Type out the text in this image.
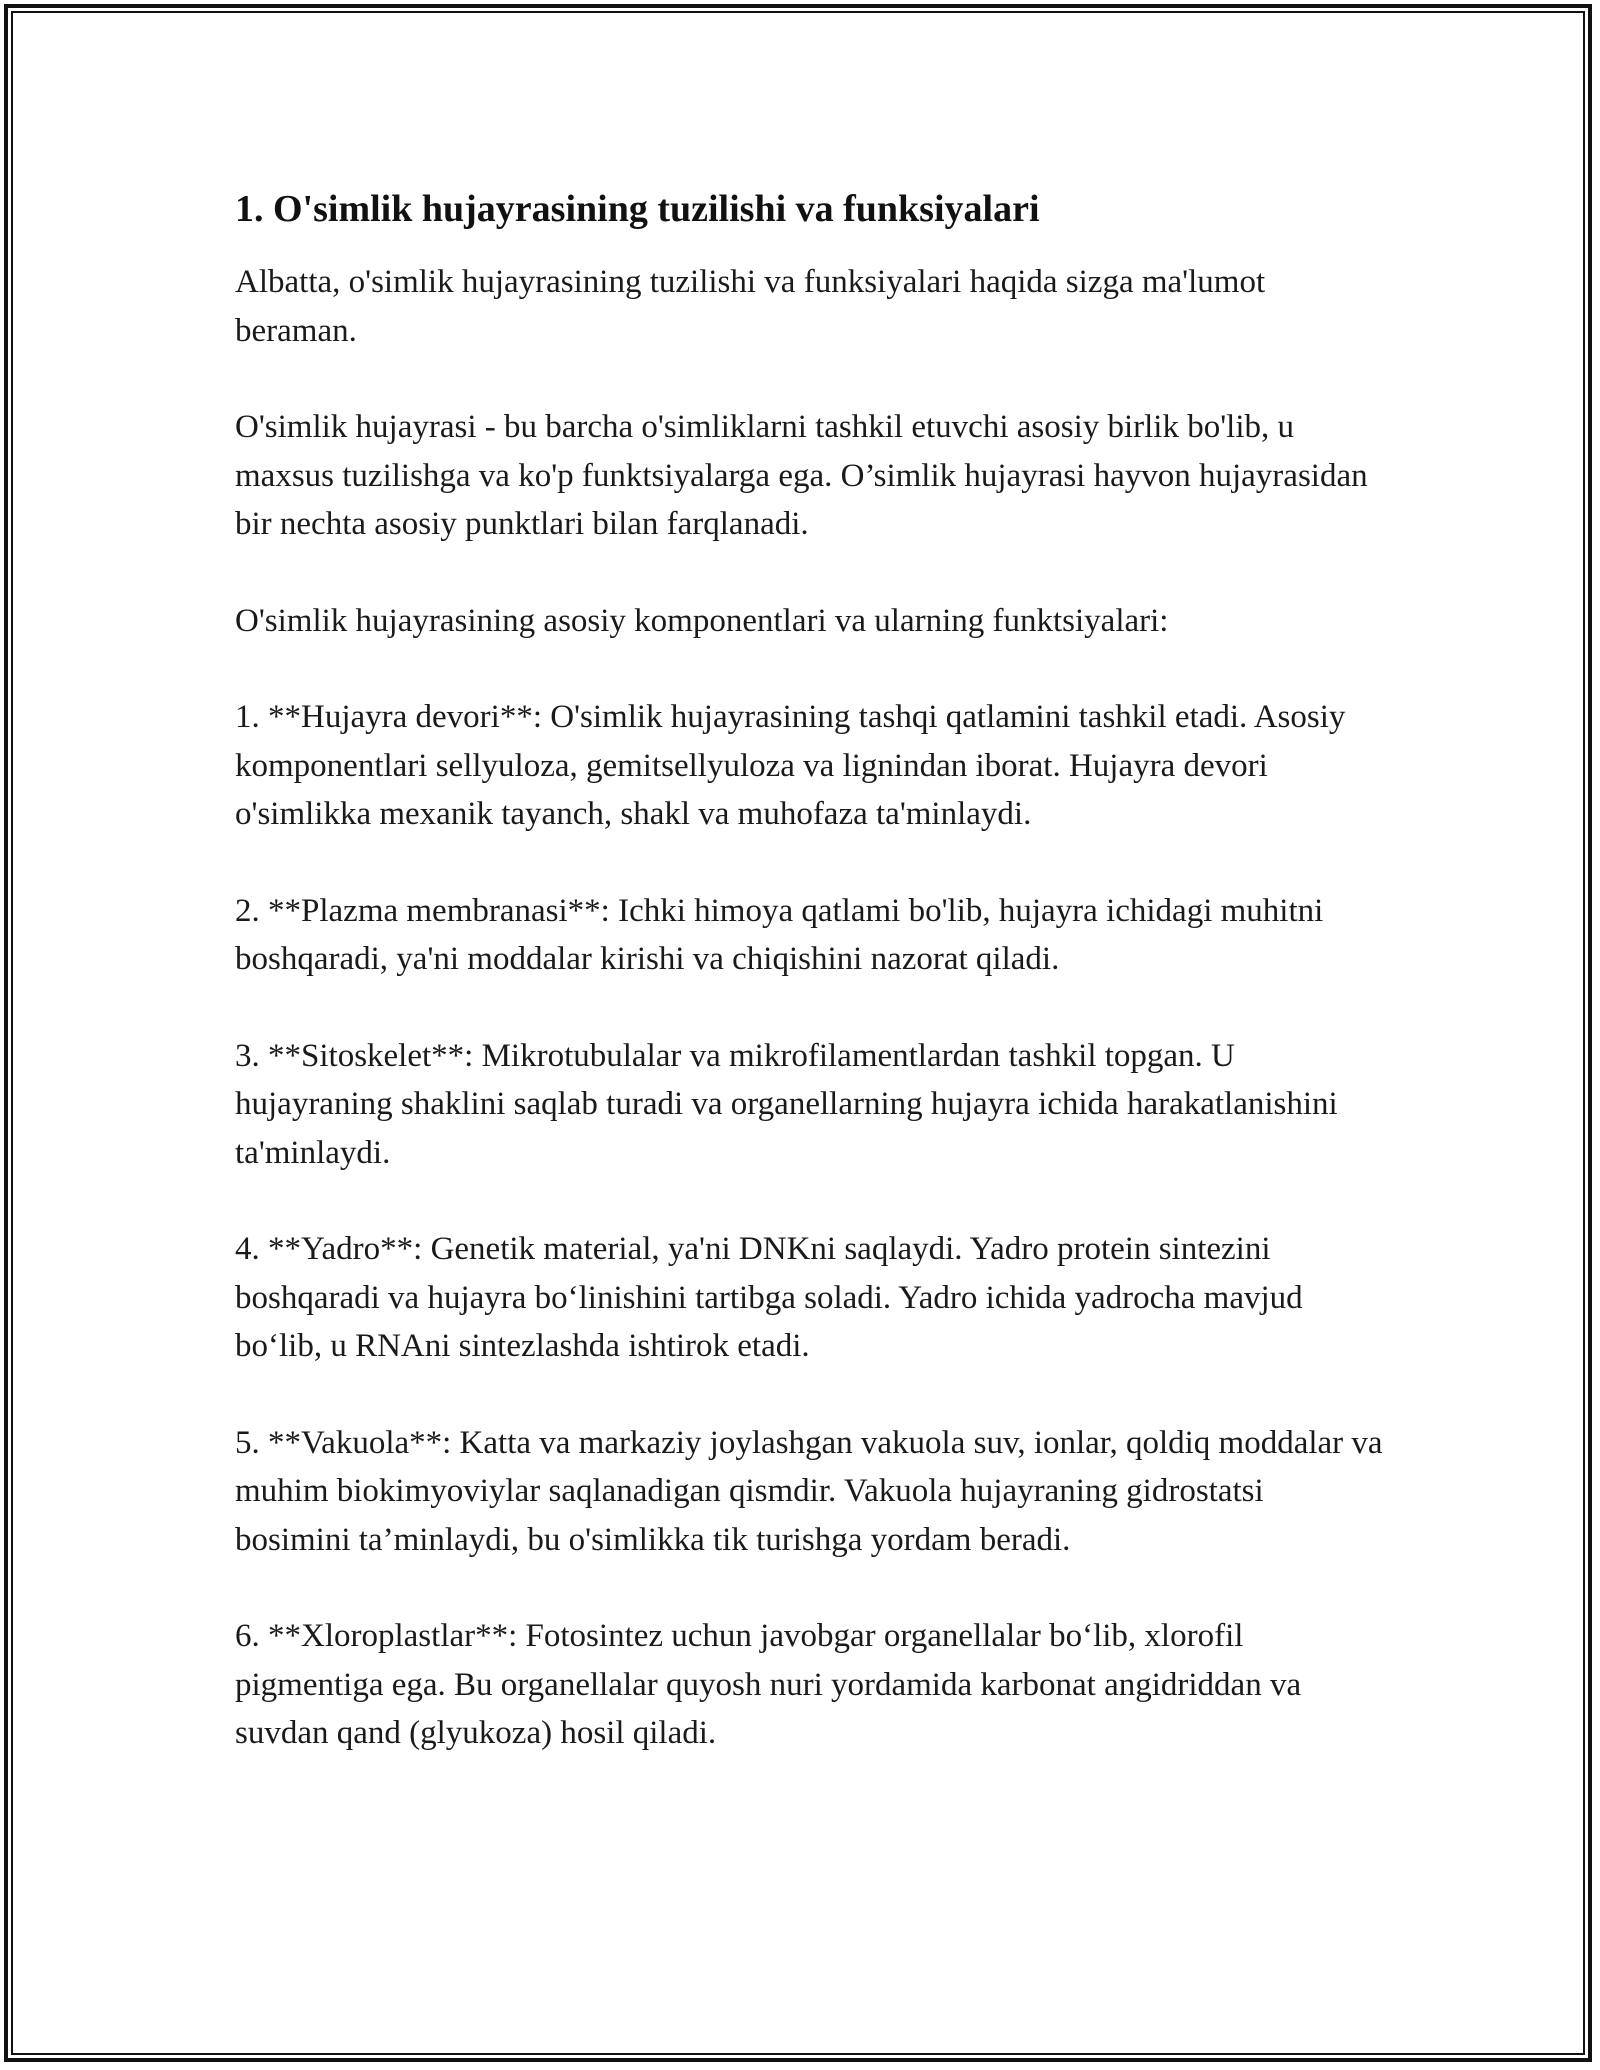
1. O'simlik hujayrasining tuzilishi va funksiyalari

Albatta, o'simlik hujayrasining tuzilishi va funksiyalari haqida sizga ma'lumot beraman.

O'simlik hujayrasi - bu barcha o'simliklarni tashkil etuvchi asosiy birlik bo'lib, u maxsus tuzilishga va ko'p funktsiyalarga ega. O’simlik hujayrasi hayvon hujayrasidan bir nechta asosiy punktlari bilan farqlanadi.

O'simlik hujayrasining asosiy komponentlari va ularning funktsiyalari:

1. **Hujayra devori**: O'simlik hujayrasining tashqi qatlamini tashkil etadi. Asosiy komponentlari sellyuloza, gemitsellyuloza va lignindan iborat. Hujayra devori o'simlikka mexanik tayanch, shakl va muhofaza ta'minlaydi.

2. **Plazma membranasi**: Ichki himoya qatlami bo'lib, hujayra ichidagi muhitni boshqaradi, ya'ni moddalar kirishi va chiqishini nazorat qiladi.

3. **Sitoskelet**: Mikrotubulalar va mikrofilamentlardan tashkil topgan. U hujayraning shaklini saqlab turadi va organellarning hujayra ichida harakatlanishini ta'minlaydi.

4. **Yadro**: Genetik material, ya'ni DNKni saqlaydi. Yadro protein sintezini boshqaradi va hujayra bo‘linishini tartibga soladi. Yadro ichida yadrocha mavjud bo‘lib, u RNAni sintezlashda ishtirok etadi.

5. **Vakuola**: Katta va markaziy joylashgan vakuola suv, ionlar, qoldiq moddalar va muhim biokimyoviylar saqlanadigan qismdir. Vakuola hujayraning gidrostatsi bosimini ta’minlaydi, bu o'simlikka tik turishga yordam beradi.

6. **Xloroplastlar**: Fotosintez uchun javobgar organellalar bo‘lib, xlorofil pigmentiga ega. Bu organellalar quyosh nuri yordamida karbonat angidriddan va suvdan qand (glyukoza) hosil qiladi.
